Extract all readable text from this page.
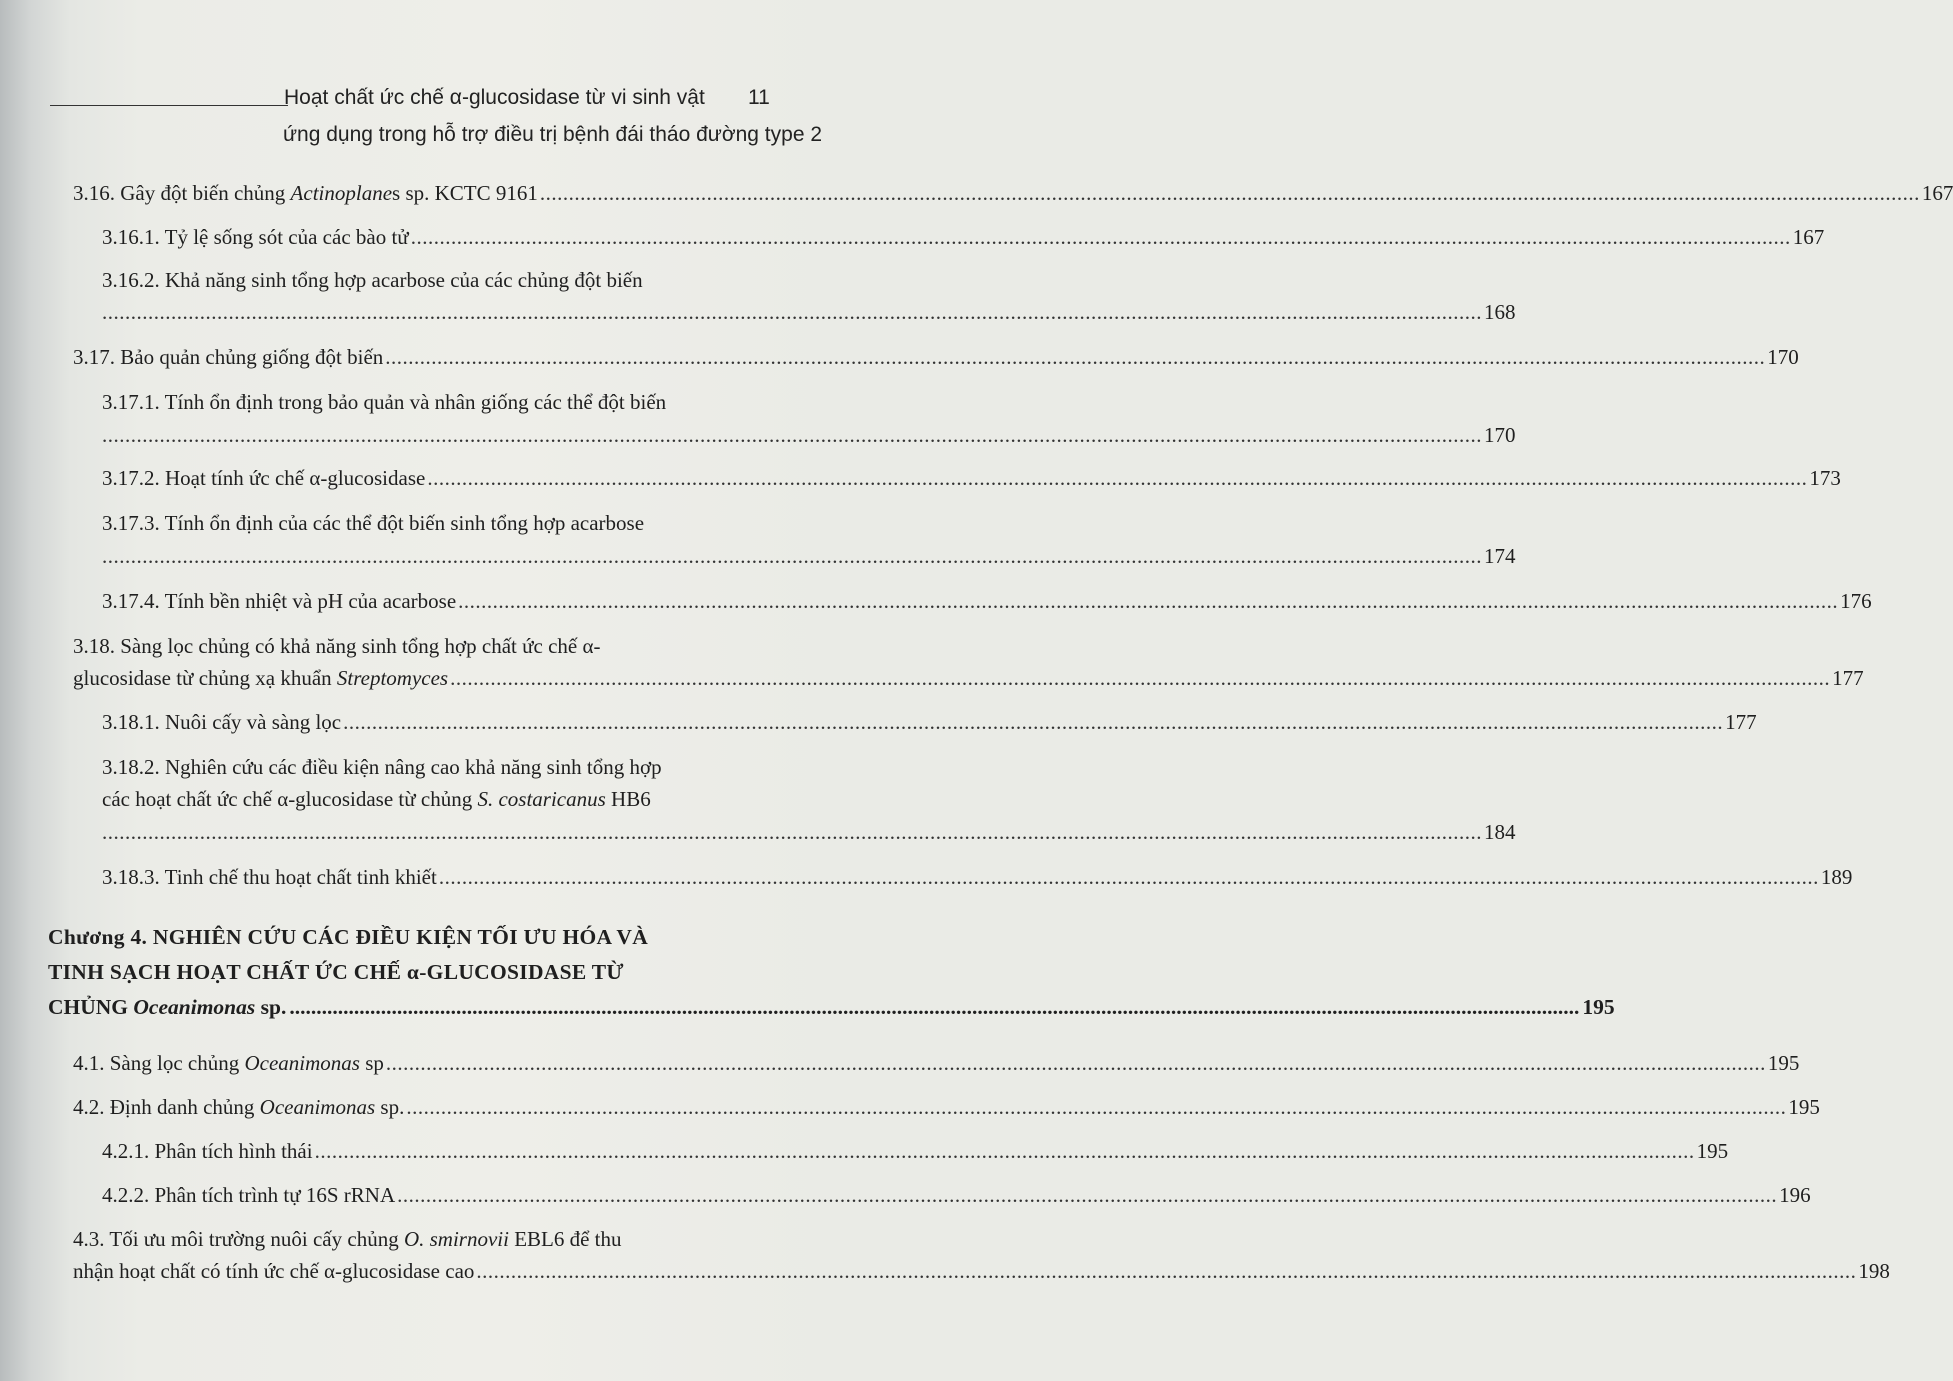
Hoạt chất ức chế α-glucosidase từ vi sinh vật 11
ứng dụng trong hỗ trợ điều trị bệnh đái tháo đường type 2
3.16. Gây đột biến chủng Actinoplanes sp. KCTC 9161 ................................................................................................................................................................................................................................................ 167
3.16.1. Tỷ lệ sống sót của các bào tử ................................................................................................................................................................................................................................................ 167
3.16.2. Khả năng sinh tổng hợp acarbose của các chủng đột biến
................................................................................................................................................................................................................................................ 168
3.17. Bảo quản chủng giống đột biến ................................................................................................................................................................................................................................................ 170
3.17.1. Tính ổn định trong bảo quản và nhân giống các thể đột biến
................................................................................................................................................................................................................................................ 170
3.17.2. Hoạt tính ức chế α-glucosidase ................................................................................................................................................................................................................................................ 173
3.17.3. Tính ổn định của các thể đột biến sinh tổng hợp acarbose
................................................................................................................................................................................................................................................ 174
3.17.4. Tính bền nhiệt và pH của acarbose ................................................................................................................................................................................................................................................ 176
3.18. Sàng lọc chủng có khả năng sinh tổng hợp chất ức chế α-
glucosidase từ chủng xạ khuẩn Streptomyces ................................................................................................................................................................................................................................................ 177
3.18.1. Nuôi cấy và sàng lọc ................................................................................................................................................................................................................................................ 177
3.18.2. Nghiên cứu các điều kiện nâng cao khả năng sinh tổng hợp
các hoạt chất ức chế α-glucosidase từ chủng S. costaricanus HB6
................................................................................................................................................................................................................................................ 184
3.18.3. Tinh chế thu hoạt chất tinh khiết ................................................................................................................................................................................................................................................ 189
Chương 4. NGHIÊN CỨU CÁC ĐIỀU KIỆN TỐI ƯU HÓA VÀ
TINH SẠCH HOẠT CHẤT ỨC CHẾ α-GLUCOSIDASE TỪ
CHỦNG Oceanimonas sp. ................................................................................................................................................................................................................................................ 195
4.1. Sàng lọc chủng Oceanimonas sp ................................................................................................................................................................................................................................................ 195
4.2. Định danh chủng Oceanimonas sp. ................................................................................................................................................................................................................................................ 195
4.2.1. Phân tích hình thái ................................................................................................................................................................................................................................................ 195
4.2.2. Phân tích trình tự 16S rRNA ................................................................................................................................................................................................................................................ 196
4.3. Tối ưu môi trường nuôi cấy chủng O. smirnovii EBL6 để thu
nhận hoạt chất có tính ức chế α-glucosidase cao ................................................................................................................................................................................................................................................ 198
